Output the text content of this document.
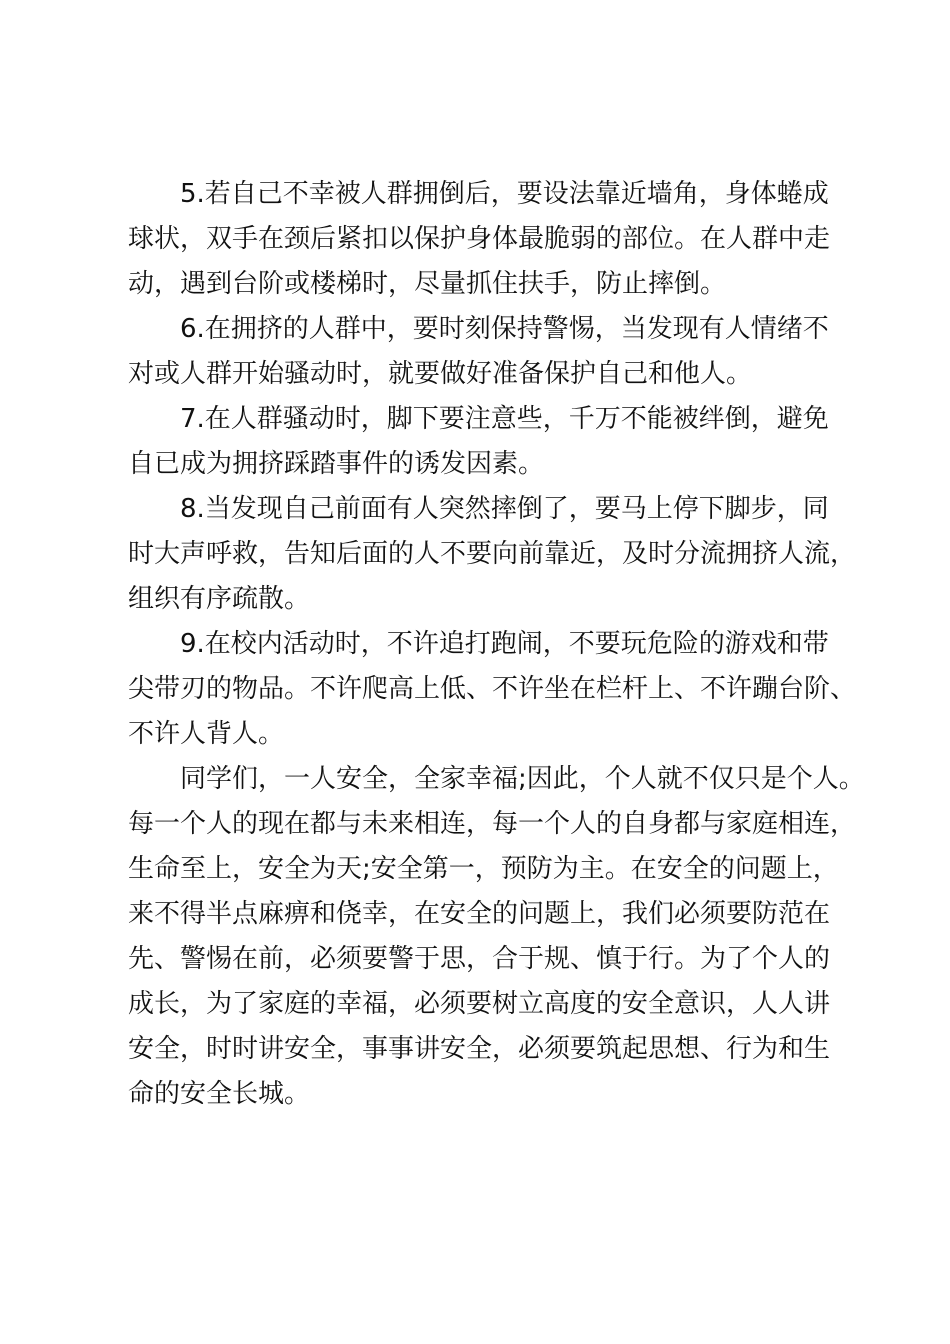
5.若自己不幸被人群拥倒后，要设法靠近墙角，身体蜷成
球状，双手在颈后紧扣以保护身体最脆弱的部位。在人群中走
动，遇到台阶或楼梯时，尽量抓住扶手，防止摔倒。

6.在拥挤的人群中，要时刻保持警惕，当发现有人情绪不
对或人群开始骚动时，就要做好准备保护自己和他人。

7.在人群骚动时，脚下要注意些，千万不能被绊倒，避免
自已成为拥挤踩踏事件的诱发因素。

8.当发现自己前面有人突然摔倒了，要马上停下脚步，同
时大声呼救，告知后面的人不要向前靠近，及时分流拥挤人流，
组织有序疏散。

9.在校内活动时，不许追打跑闹，不要玩危险的游戏和带
尖带刃的物品。不许爬高上低、不许坐在栏杆上、不许蹦台阶、
不许人背人。

同学们，一人安全，全家幸福;因此，个人就不仅只是个人。
每一个人的现在都与未来相连，每一个人的自身都与家庭相连，
生命至上，安全为天;安全第一，预防为主。在安全的问题上，
来不得半点麻痹和侥幸，在安全的问题上，我们必须要防范在
先、警惕在前，必须要警于思，合于规、慎于行。为了个人的
成长，为了家庭的幸福，必须要树立高度的安全意识，人人讲
安全，时时讲安全，事事讲安全，必须要筑起思想、行为和生
命的安全长城。
